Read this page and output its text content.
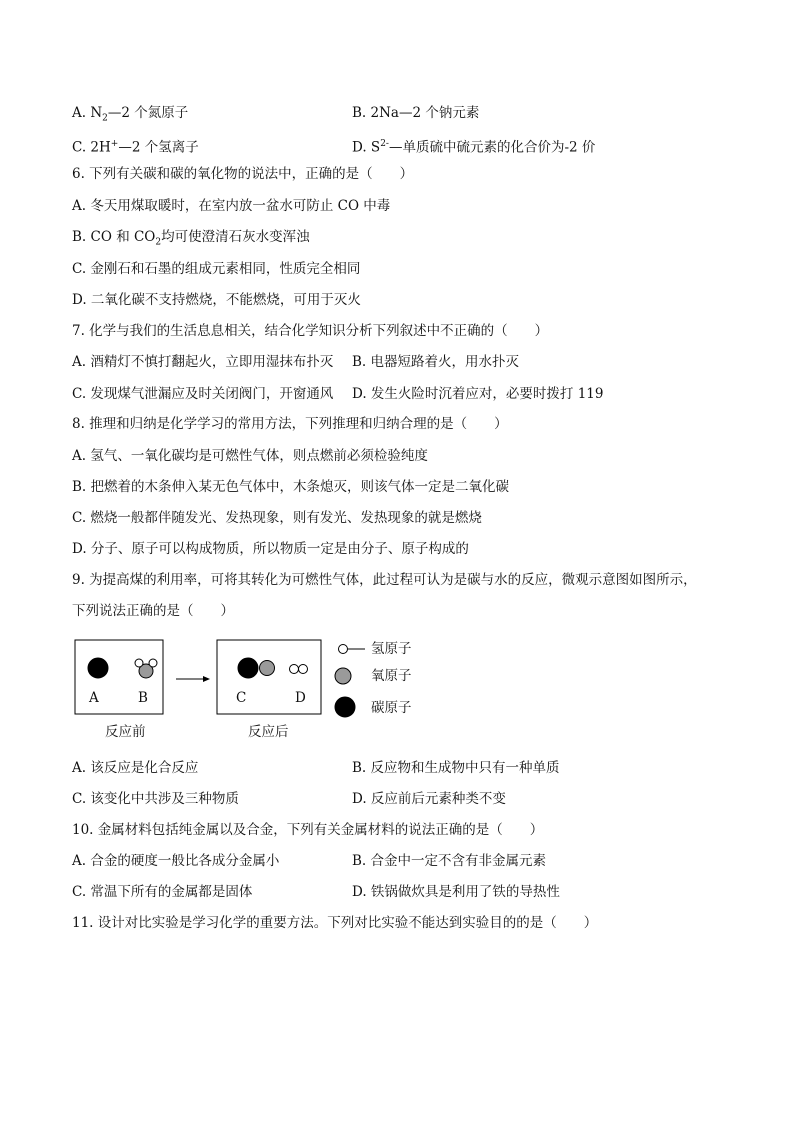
A. $N_2—2$ 个氮原子	B. 2Na—2 个钠元素
C. 2H+—2 个氢离子	D. $S^{2-}—$单质硫中硫元素的化合价为-2 价
6. 下列有关碳和碳的氧化物的说法中，正确的是（　　）
A. 冬天用煤取暖时，在室内放一盆水可防止 CO 中毒
B. CO 和 $CO_2$均可使澄清石灰水变浑浊
C. 金刚石和石墨的组成元素相同，性质完全相同
D. 二氧化碳不支持燃烧，不能燃烧，可用于灭火
7. 化学与我们的生活息息相关，结合化学知识分析下列叙述中不正确的（　　）
A. 酒精灯不慎打翻起火，立即用湿抹布扑灭 B. 电器短路着火，用水扑灭
C. 发现煤气泄漏应及时关闭阀门，开窗通风 D. 发生火险时沉着应对，必要时拨打 119
8. 推理和归纳是化学学习的常用方法，下列推理和归纳合理的是（　　）
A. 氢气、一氧化碳均是可燃性气体，则点燃前必须检验纯度
B. 把燃着的木条伸入某无色气体中，木条熄灭，则该气体一定是二氧化碳
C. 燃烧一般都伴随发光、发热现象，则有发光、发热现象的就是燃烧
D. 分子、原子可以构成物质，所以物质一定是由分子、原子构成的
9. 为提高煤的利用率，可将其转化为可燃性气体，此过程可认为是碳与水的反应，微观示意图如图所示，
下列说法正确的是（　　）
A	B	C	D
反应前	反应后
氢原子
氧原子
碳原子
A. 该反应是化合反应	B. 反应物和生成物中只有一种单质
C. 该变化中共涉及三种物质	D. 反应前后元素种类不变
10. 金属材料包括纯金属以及合金，下列有关金属材料的说法正确的是（　　）
A. 合金的硬度一般比各成分金属小	B. 合金中一定不含有非金属元素
C. 常温下所有的金属都是固体	D. 铁锅做炊具是利用了铁的导热性
11. 设计对比实验是学习化学的重要方法。下列对比实验不能达到实验目的的是（　　）
